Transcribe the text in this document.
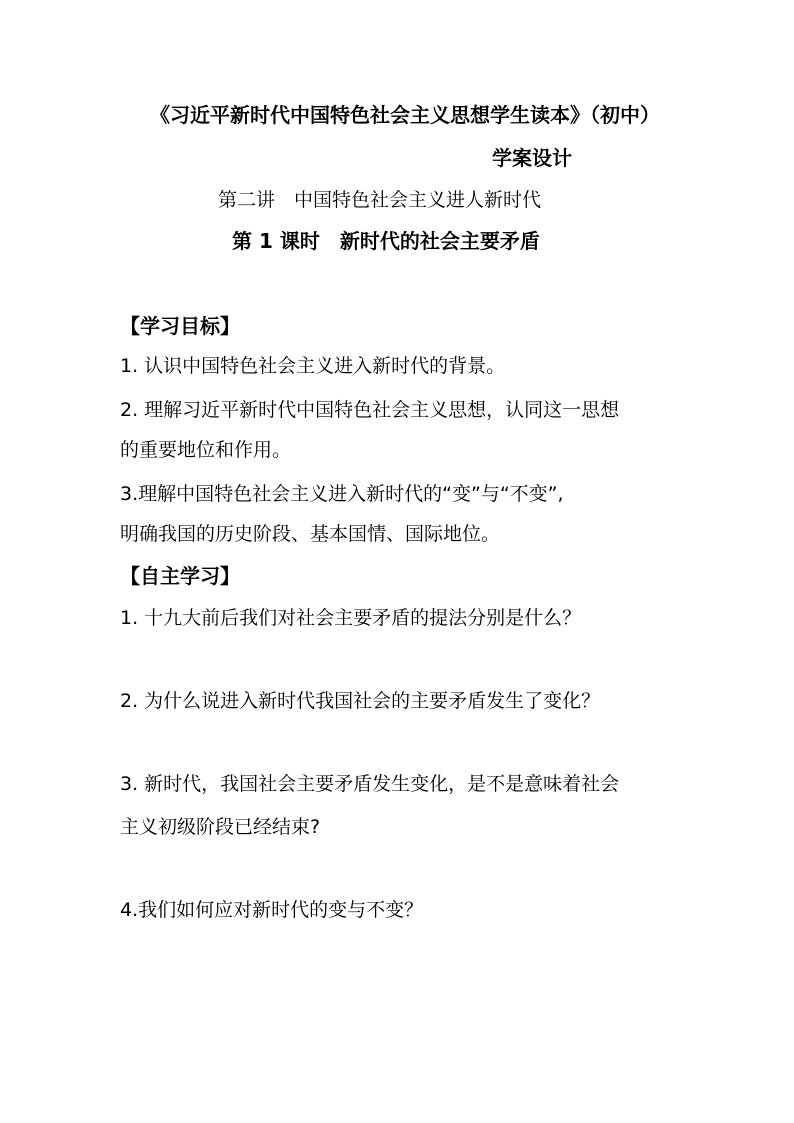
《习近平新时代中国特色社会主义思想学生读本》（初中）
学案设计
第二讲　中国特色社会主义进人新时代
第 1 课时　新时代的社会主要矛盾
【学习目标】
1. 认识中国特色社会主义进入新时代的背景。
2. 理解习近平新时代中国特色社会主义思想，认同这一思想
的重要地位和作用。
3.理解中国特色社会主义进入新时代的“变”与“不变”,
明确我国的历史阶段、基本国情、国际地位。
【自主学习】
1. 十九大前后我们对社会主要矛盾的提法分别是什么？
2. 为什么说进入新时代我国社会的主要矛盾发生了变化？
3. 新时代，我国社会主要矛盾发生变化，是不是意味着社会
主义初级阶段已经结束?
4.我们如何应对新时代的变与不变？
